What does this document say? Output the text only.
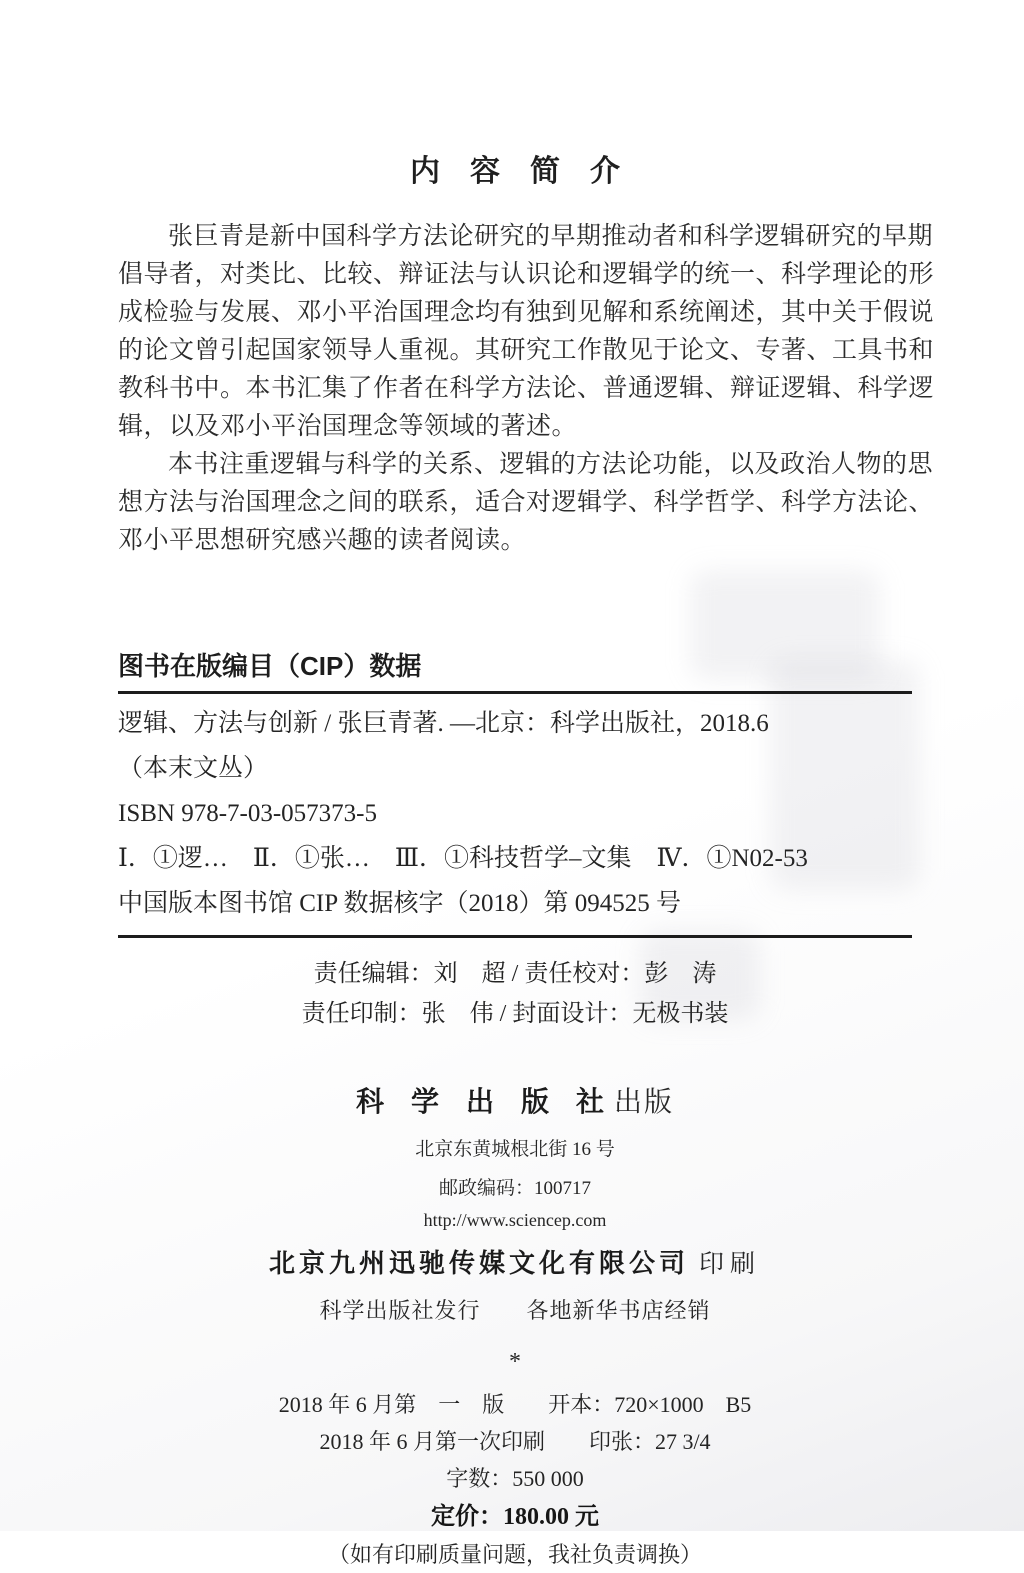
内　容　简　介
张巨青是新中国科学方法论研究的早期推动者和科学逻辑研究的早期
倡导者，对类比、比较、辩证法与认识论和逻辑学的统一、科学理论的形
成检验与发展、邓小平治国理念均有独到见解和系统阐述，其中关于假说
的论文曾引起国家领导人重视。其研究工作散见于论文、专著、工具书和
教科书中。本书汇集了作者在科学方法论、普通逻辑、辩证逻辑、科学逻
辑，以及邓小平治国理念等领域的著述。
本书注重逻辑与科学的关系、逻辑的方法论功能，以及政治人物的思
想方法与治国理念之间的联系，适合对逻辑学、科学哲学、科学方法论、
邓小平思想研究感兴趣的读者阅读。
图书在版编目（CIP）数据
逻辑、方法与创新 / 张巨青著. —北京：科学出版社，2018.6
（本末文丛）
ISBN 978-7-03-057373-5
Ⅰ．①逻…　Ⅱ．①张…　Ⅲ．①科技哲学–文集　Ⅳ．①N02-53
中国版本图书馆 CIP 数据核字（2018）第 094525 号
责任编辑：刘　超 / 责任校对：彭　涛
责任印制：张　伟 / 封面设计：无极书装
科 学 出 版 社出版
北京东黄城根北街 16 号
邮政编码：100717
http://www.sciencep.com
北京九州迅驰传媒文化有限公司 印刷
科学出版社发行　　各地新华书店经销
*
2018 年 6 月第　一　版　　开本：720×1000　B5
2018 年 6 月第一次印刷　　印张：27 3/4
字数：550 000
定价：180.00 元
（如有印刷质量问题，我社负责调换）
